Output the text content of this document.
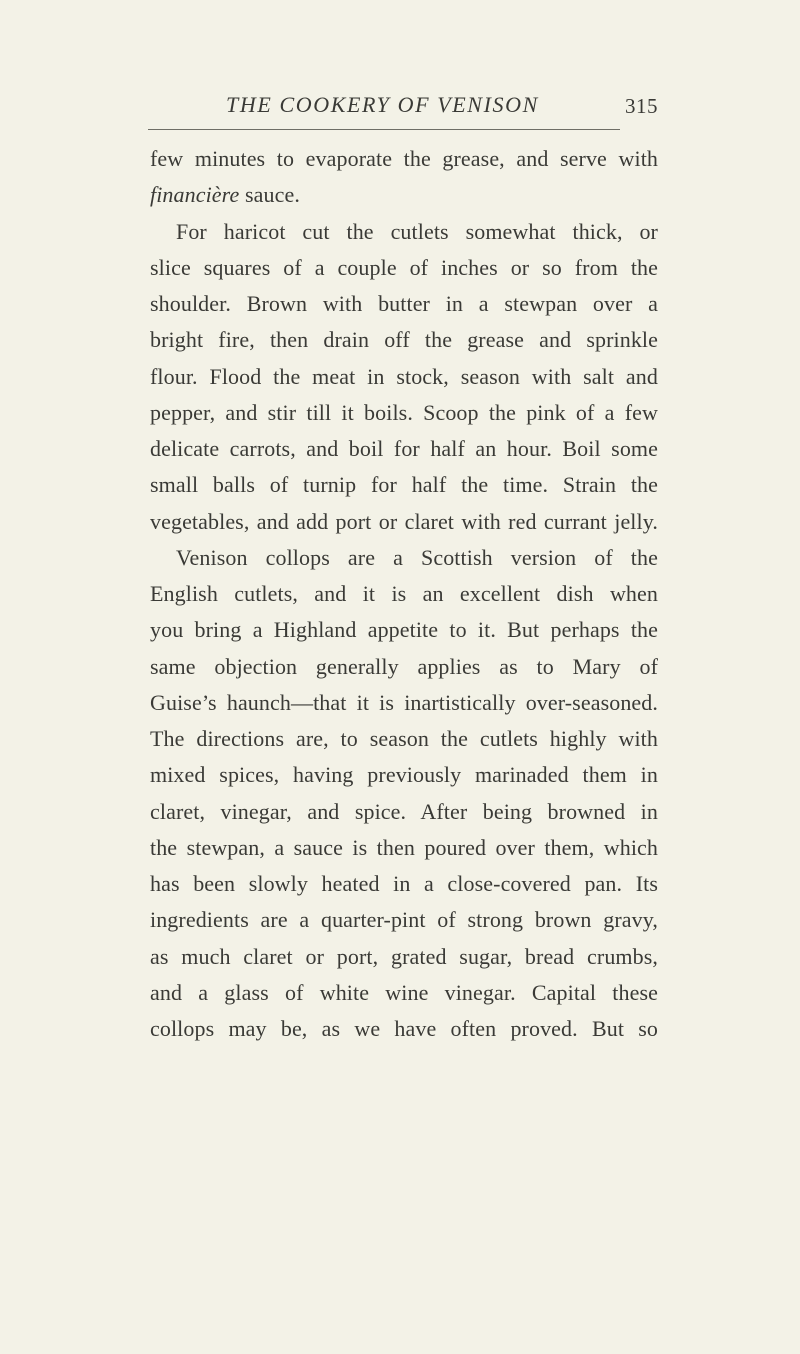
THE COOKERY OF VENISON	315
few minutes to evaporate the grease, and serve with
financière sauce.
For haricot cut the cutlets somewhat thick, or
slice squares of a couple of inches or so from the
shoulder. Brown with butter in a stewpan over a
bright fire, then drain off the grease and sprinkle
flour. Flood the meat in stock, season with salt and
pepper, and stir till it boils. Scoop the pink of a few
delicate carrots, and boil for half an hour. Boil some
small balls of turnip for half the time. Strain the
vegetables, and add port or claret with red currant jelly.
Venison collops are a Scottish version of the
English cutlets, and it is an excellent dish when
you bring a Highland appetite to it. But perhaps the
same objection generally applies as to Mary of
Guise’s haunch—that it is inartistically over-seasoned.
The directions are, to season the cutlets highly with
mixed spices, having previously marinaded them in
claret, vinegar, and spice. After being browned in
the stewpan, a sauce is then poured over them, which
has been slowly heated in a close-covered pan. Its
ingredients are a quarter-pint of strong brown gravy,
as much claret or port, grated sugar, bread crumbs,
and a glass of white wine vinegar. Capital these
collops may be, as we have often proved. But so
